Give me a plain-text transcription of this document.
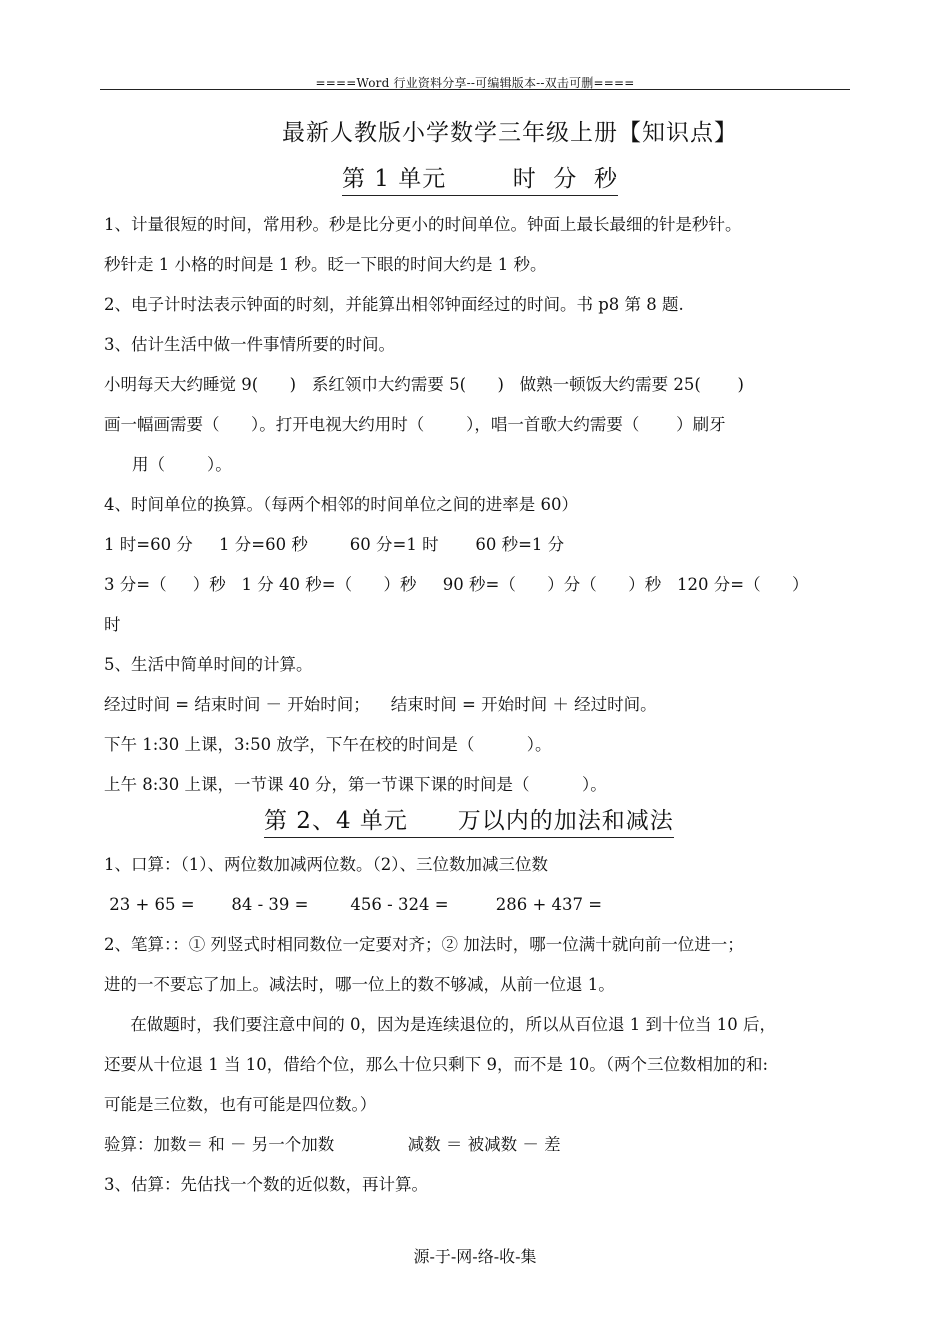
====Word 行业资料分享--可编辑版本--双击可删====
最新人教版小学数学三年级上册【知识点】
第 1 单元        时  分  秒
1、计量很短的时间，常用秒。秒是比分更小的时间单位。钟面上最长最细的针是秒针。
秒针走 1 小格的时间是 1 秒。眨一下眼的时间大约是 1 秒。
2、电子计时法表示钟面的时刻，并能算出相邻钟面经过的时间。书 p8 第 8 题.
3、估计生活中做一件事情所要的时间。
小明每天大约睡觉 9(      )   系红领巾大约需要 5(      )   做熟一顿饭大约需要 25(       )
画一幅画需要（      ）。打开电视大约用时（        ），唱一首歌大约需要（       ）刷牙
用（        ）。
4、时间单位的换算。（每两个相邻的时间单位之间的进率是 60）
1 时=60 分     1 分=60 秒        60 分=1 时       60 秒=1 分
3 分=（     ）秒   1 分 40 秒=（      ）秒     90 秒=（      ）分（      ）秒   120 分=（      ）
时
5、生活中简单时间的计算。
经过时间 = 结束时间 － 开始时间；    结束时间 = 开始时间 ＋ 经过时间。
下午 1:30 上课，3:50 放学，下午在校的时间是（          ）。
上午 8:30 上课，一节课 40 分，第一节课下课的时间是（          ）。
第 2、4 单元      万以内的加法和减法
1、口算：（1）、两位数加减两位数。（2）、三位数加减三位数
23 + 65 =       84 - 39 =        456 - 324 =         286 + 437 =
2、笔算：：① 列竖式时相同数位一定要对齐；② 加法时，哪一位满十就向前一位进一；
进的一不要忘了加上。减法时，哪一位上的数不够减，从前一位退 1。
在做题时，我们要注意中间的 0，因为是连续退位的，所以从百位退 1 到十位当 10 后，
还要从十位退 1 当 10，借给个位，那么十位只剩下 9，而不是 10。（两个三位数相加的和:
可能是三位数，也有可能是四位数。）
验算：加数＝ 和 － 另一个加数              减数 ＝ 被减数 － 差
3、估算：先估找一个数的近似数，再计算。
源-于-网-络-收-集
